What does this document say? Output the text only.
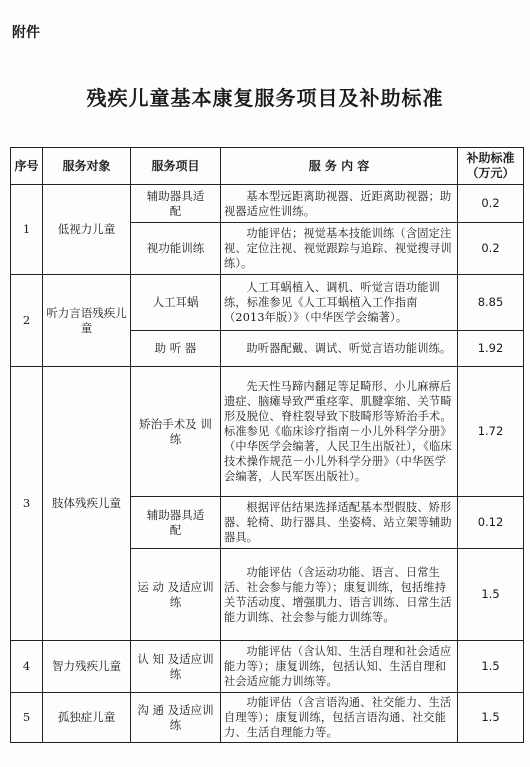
附件
残疾儿童基本康复服务项目及补助标准
序号	服务对象	服务项目	服 务 内 容	补助标准（万元）
1	低视力儿童	辅助器具适　　配	基本型远距离助视器、近距离助视器；助视器适应性训练。	0.2
		视功能训练	功能评估；视觉基本技能训练（含固定注视、定位注视、视觉跟踪与追踪、视觉搜寻训练）。	0.2
2	听力言语残疾儿童	人工耳蜗	人工耳蜗植入、调机、听觉言语功能训练，标准参见《人工耳蜗植入工作指南（2013年版）》（中华医学会编著）。	8.85
		助 听 器	助听器配戴、调试、听觉言语功能训练。	1.92
3	肢体残疾儿童	矫治手术及 训 练	先天性马蹄内翻足等足畸形、小儿麻痹后遗症、脑瘫导致严重痉挛、肌腱挛缩、关节畸形及脱位、脊柱裂导致下肢畸形等矫治手术。标准参见《临床诊疗指南－小儿外科学分册》（中华医学会编著，人民卫生出版社），《临床技术操作规范－小儿外科学分册》（中华医学会编著，人民军医出版社）。	1.72
		辅助器具适　　配	根据评估结果选择适配基本型假肢、矫形器、轮椅、助行器具、坐姿椅、站立架等辅助器具。	0.12
		运 动 及适应训练	功能评估（含运动功能、语言、日常生活、社会参与能力等）；康复训练，包括维持关节活动度、增强肌力、语言训练、日常生活能力训练、社会参与能力训练等。	1.5
4	智力残疾儿童	认 知 及适应训练	功能评估（含认知、生活自理和社会适应能力等）；康复训练，包括认知、生活自理和社会适应能力训练等。	1.5
5	孤独症儿童	沟 通 及适应训练	功能评估（含言语沟通、社交能力、生活自理等）；康复训练，包括言语沟通、社交能力、生活自理能力等。	1.5
